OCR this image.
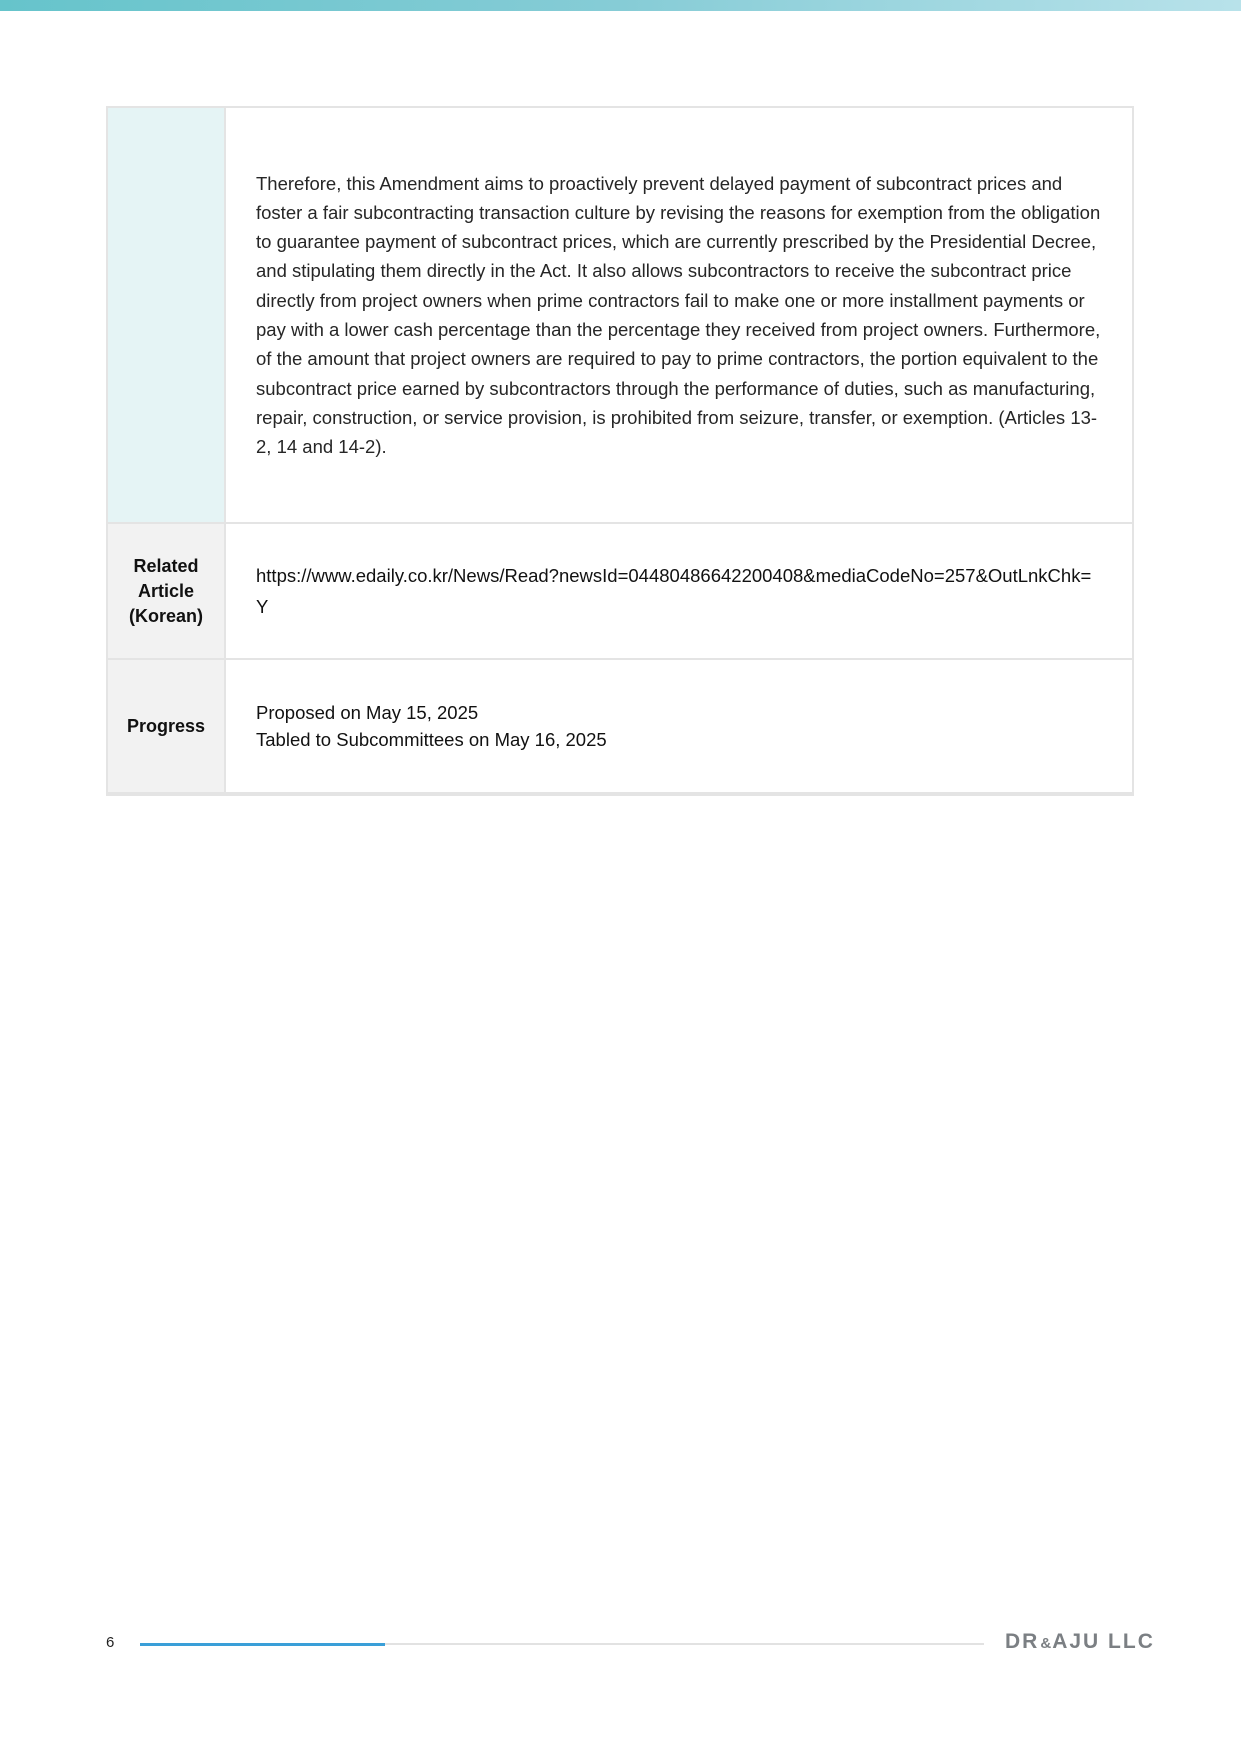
Therefore, this Amendment aims to proactively prevent delayed payment of subcontract prices and foster a fair subcontracting transaction culture by revising the reasons for exemption from the obligation to guarantee payment of subcontract prices, which are currently prescribed by the Presidential Decree, and stipulating them directly in the Act. It also allows subcontractors to receive the subcontract price directly from project owners when prime contractors fail to make one or more installment payments or pay with a lower cash percentage than the percentage they received from project owners. Furthermore, of the amount that project owners are required to pay to prime contractors, the portion equivalent to the subcontract price earned by subcontractors through the performance of duties, such as manufacturing, repair, construction, or service provision, is prohibited from seizure, transfer, or exemption. (Articles 13-2, 14 and 14-2).

Related
Article
(Korean)
https://www.edaily.co.kr/News/Read?newsId=04480486642200408&mediaCodeNo=257&OutLnkChk=Y
Progress
Proposed on May 15, 2025
Tabled to Subcommittees on May 16, 2025
6	DR&AJU LLC
